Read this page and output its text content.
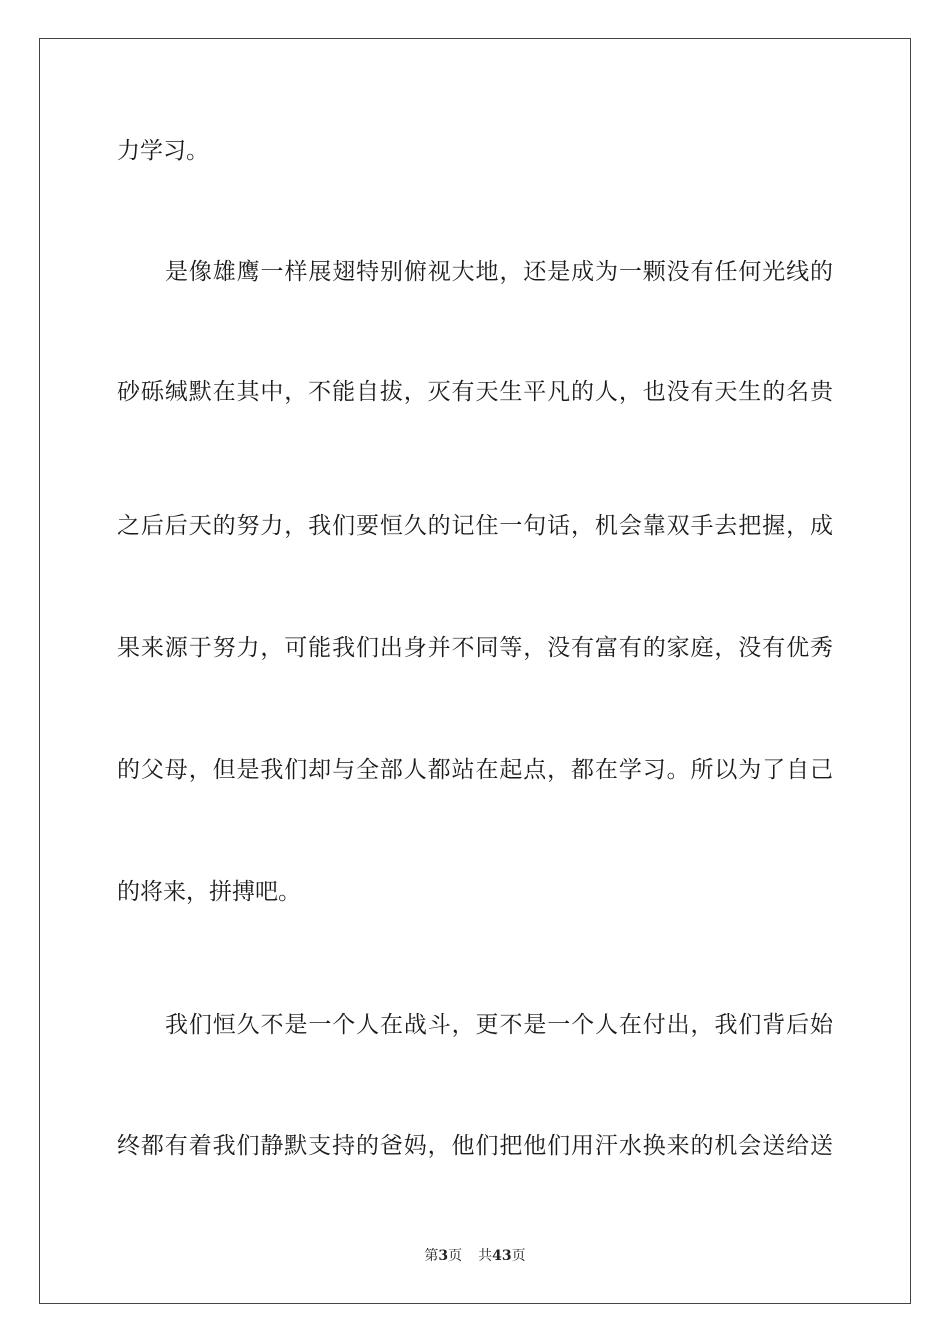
力学习。
是像雄鹰一样展翅特别俯视大地，还是成为一颗没有任何光线的
砂砾缄默在其中，不能自拔，灭有天生平凡的人，也没有天生的名贵
之后后天的努力，我们要恒久的记住一句话，机会靠双手去把握，成
果来源于努力，可能我们出身并不同等，没有富有的家庭，没有优秀
的父母，但是我们却与全部人都站在起点，都在学习。所以为了自己
的将来，拼搏吧。
我们恒久不是一个人在战斗，更不是一个人在付出，我们背后始
终都有着我们静默支持的爸妈，他们把他们用汗水换来的机会送给送
第3页 共43页
